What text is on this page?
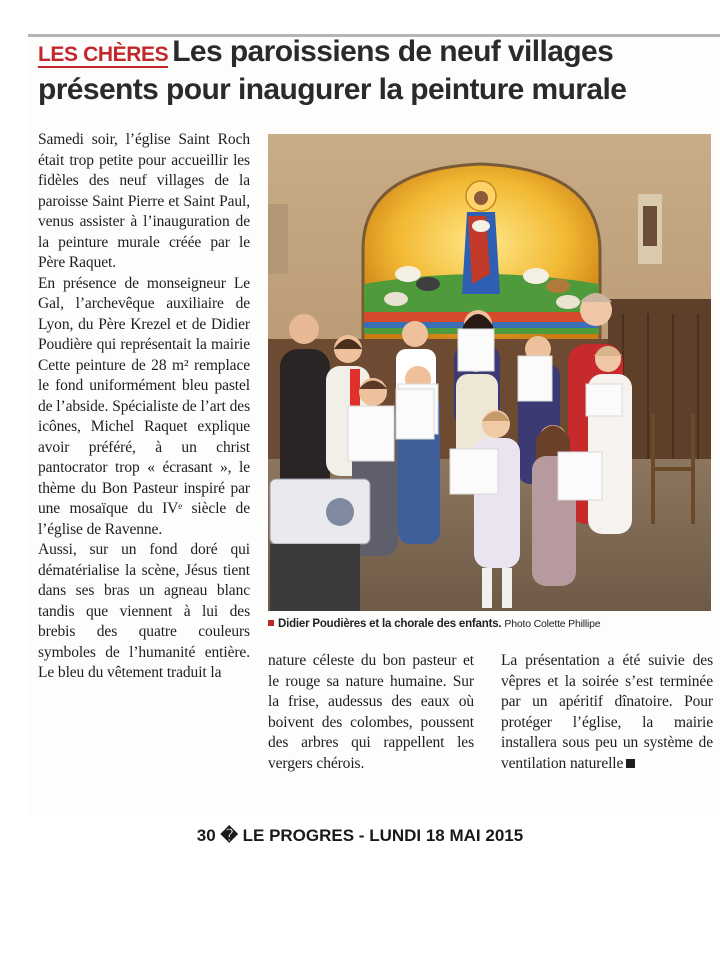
LES CHÈRES Les paroissiens de neuf villages présents pour inaugurer la peinture murale

Samedi soir, l’église Saint Roch était trop petite pour accueillir les fidèles des neuf villages de la paroisse Saint Pierre et Saint Paul, venus assister à l’inauguration de la peinture murale créée par le Père Raquet.

En présence de monseigneur Le Gal, l’archevêque auxiliaire de Lyon, du Père Krezel et de Didier Poudière qui représentait la mairie Cette peinture de 28 m² remplace le fond uniformément bleu pastel de l’abside. Spécialiste de l’art des icônes, Michel Raquet explique avoir préféré, à un christ pantocrator trop « écrasant », le thème du Bon Pasteur inspiré par une mosaïque du IVᵉ siècle de l’église de Ravenne.

Aussi, sur un fond doré qui dématérialise la scène, Jésus tient dans ses bras un agneau blanc tandis que viennent à lui des brebis des quatre couleurs symboles de l’humanité entière. Le bleu du vêtement traduit la

Didier Poudières et la chorale des enfants. Photo Colette Phillipe

nature céleste du bon pasteur et le rouge sa nature humaine. Sur la frise, audessus des eaux où boivent des colombes, poussent des arbres qui rappellent les vergers chérois.

La présentation a été suivie des vêpres et la soirée s’est terminée par un apéritif dînatoire. Pour protéger l’église, la mairie installera sous peu un système de ventilation naturelle

30 � LE PROGRES - LUNDI 18 MAI 2015
